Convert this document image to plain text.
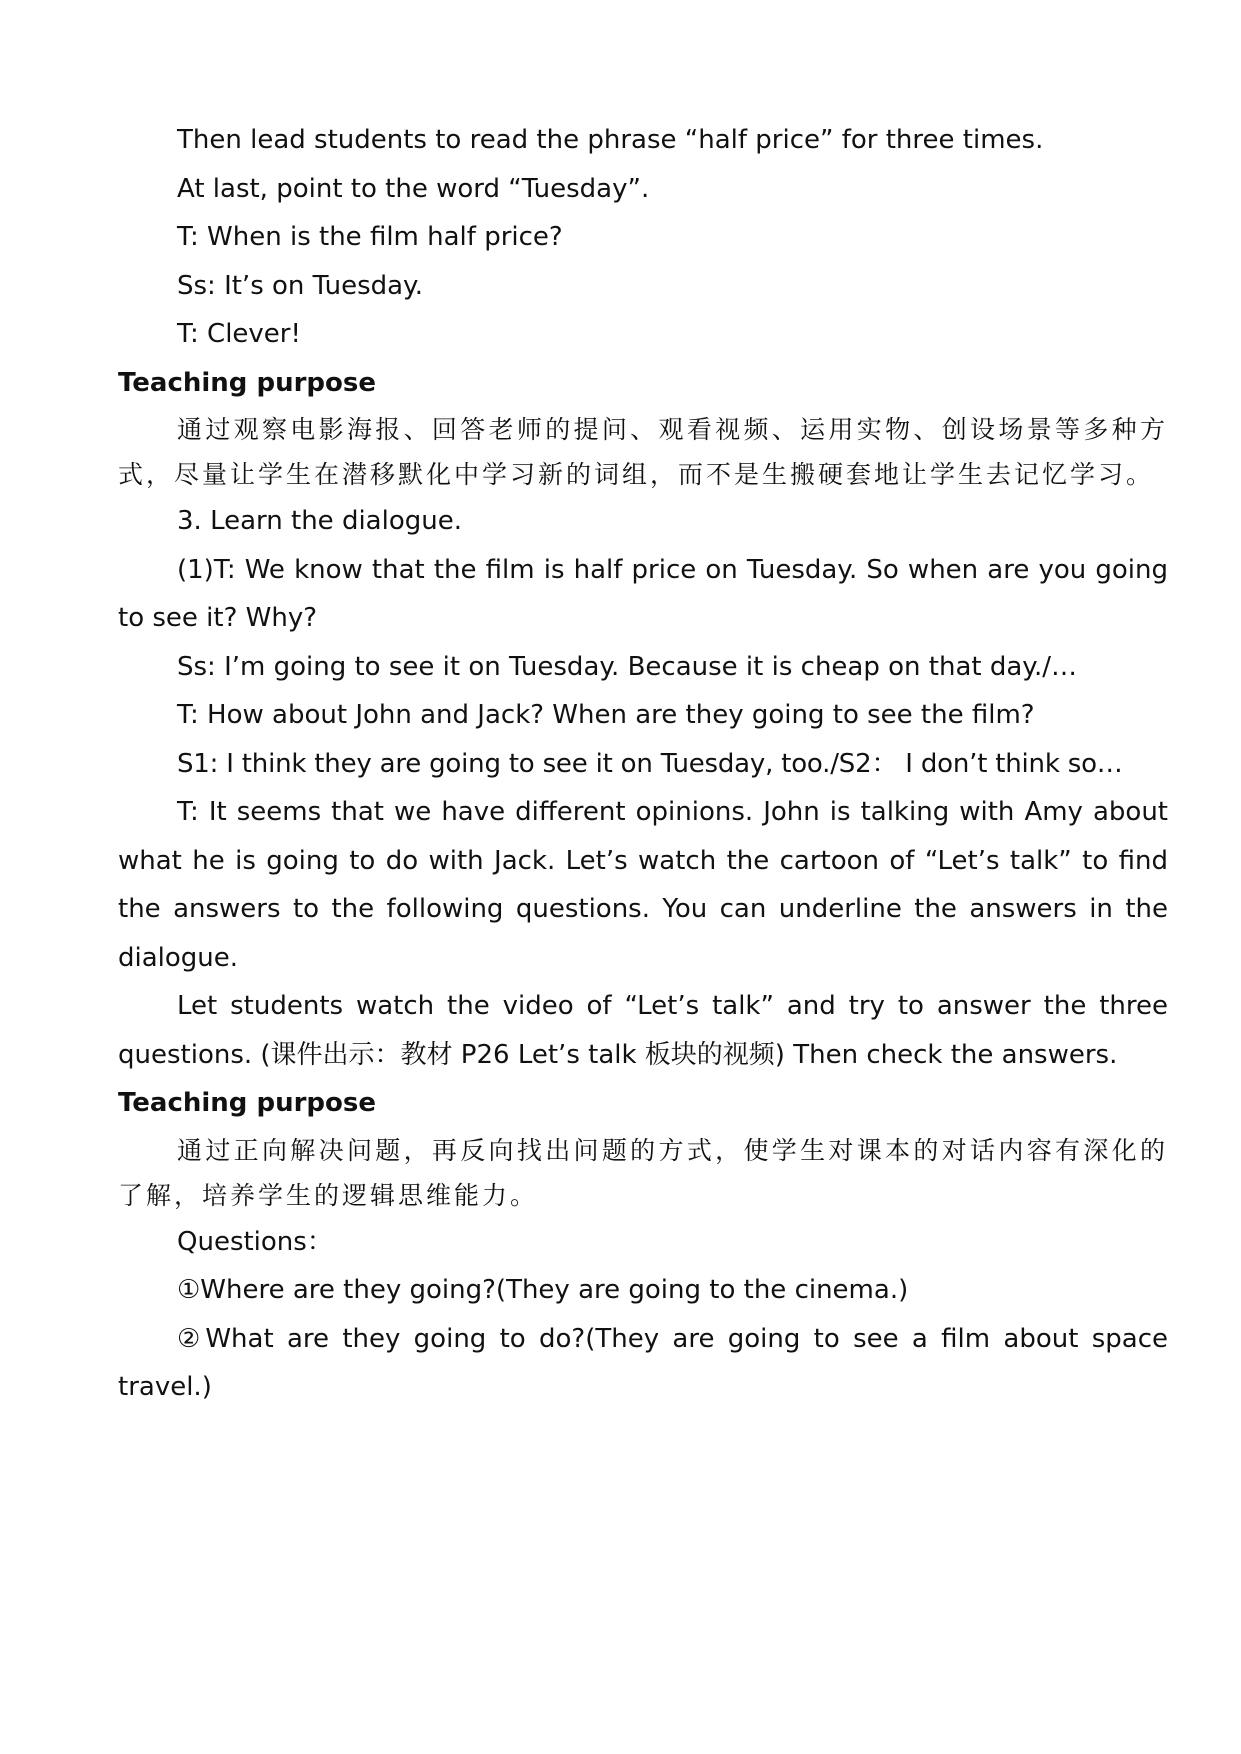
Then lead students to read the phrase “half price” for three times.

At last, point to the word “Tuesday”.

T: When is the film half price?

Ss: It’s on Tuesday.

T: Clever!

Teaching purpose

通过观察电影海报、回答老师的提问、观看视频、运用实物、创设场景等多种方式，尽量让学生在潜移默化中学习新的词组，而不是生搬硬套地让学生去记忆学习。

3. Learn the dialogue.

(1)T: We know that the film is half price on Tuesday. So when are you going to see it? Why?

Ss: I’m going to see it on Tuesday. Because it is cheap on that day./…

T: How about John and Jack? When are they going to see the film?

S1: I think they are going to see it on Tuesday, too./S2： I don’t think so…

T: It seems that we have different opinions. John is talking with Amy about what he is going to do with Jack. Let’s watch the cartoon of “Let’s talk” to find the answers to the following questions. You can underline the answers in the dialogue.

Let students watch the video of “Let’s talk” and try to answer the three questions. (课件出示：教材 P26 Let’s talk 板块的视频) Then check the answers.

Teaching purpose

通过正向解决问题，再反向找出问题的方式，使学生对课本的对话内容有深化的了解，培养学生的逻辑思维能力。

Questions：

①Where are they going?(They are going to the cinema.)

②What are they going to do?(They are going to see a film about space travel.)
